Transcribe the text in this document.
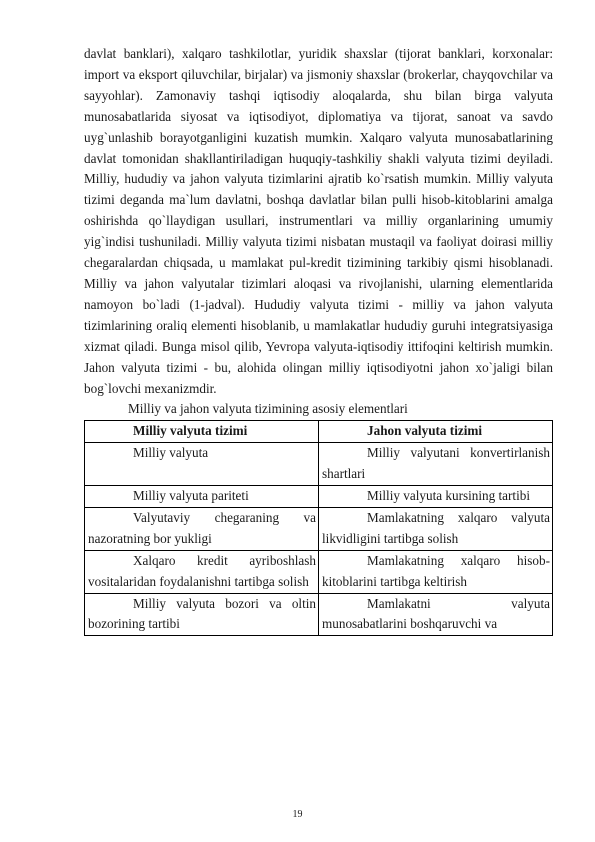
davlat banklari), xalqaro tashkilotlar, yuridik shaxslar (tijorat banklari, korxonalar: import va eksport qiluvchilar, birjalar) va jismoniy shaxslar (brokerlar, chayqovchilar va sayyohlar). Zamonaviy tashqi iqtisodiy aloqalarda, shu bilan birga valyuta munosabatlarida siyosat va iqtisodiyot, diplomatiya va tijorat, sanoat va savdo uyg`unlashib borayotganligini kuzatish mumkin. Xalqaro valyuta munosabatlarining davlat tomonidan shakllantiriladigan huquqiy-tashkiliy shakli valyuta tizimi deyiladi. Milliy, hududiy va jahon valyuta tizimlarini ajratib ko`rsatish mumkin. Milliy valyuta tizimi deganda ma`lum davlatni, boshqa davlatlar bilan pulli hisob-kitoblarini amalga oshirishda qo`llaydigan usullari, instrumentlari va milliy organlarining umumiy yig`indisi tushuniladi. Milliy valyuta tizimi nisbatan mustaqil va faoliyat doirasi milliy chegaralardan chiqsada, u mamlakat pul-kredit tizimining tarkibiy qismi hisoblanadi. Milliy va jahon valyutalar tizimlari aloqasi va rivojlanishi, ularning elementlarida namoyon bo`ladi (1-jadval). Hududiy valyuta tizimi - milliy va jahon valyuta tizimlarining oraliq elementi hisoblanib, u mamlakatlar hududiy guruhi integratsiyasiga xizmat qiladi. Bunga misol qilib, Yevropa valyuta-iqtisodiy ittifoqini keltirish mumkin. Jahon valyuta tizimi - bu, alohida olingan milliy iqtisodiyotni jahon xo`jaligi bilan bog`lovchi mexanizmdir.

Milliy va jahon valyuta tizimining asosiy elementlari

Milliy valyuta tizimi	Jahon valyuta tizimi
Milliy valyuta	Milliy valyutani konvertirlanish shartlari
Milliy valyuta pariteti	Milliy valyuta kursining tartibi
Valyutaviy chegaraning va nazoratning bor yukligi	Mamlakatning xalqaro valyuta likvidligini tartibga solish
Xalqaro kredit ayriboshlash vositalaridan foydalanishni tartibga solish	Mamlakatning xalqaro hisob-kitoblarini tartibga keltirish
Milliy valyuta bozori va oltin bozorining tartibi	Mamlakatni valyuta munosabatlarini boshqaruvchi va
19
